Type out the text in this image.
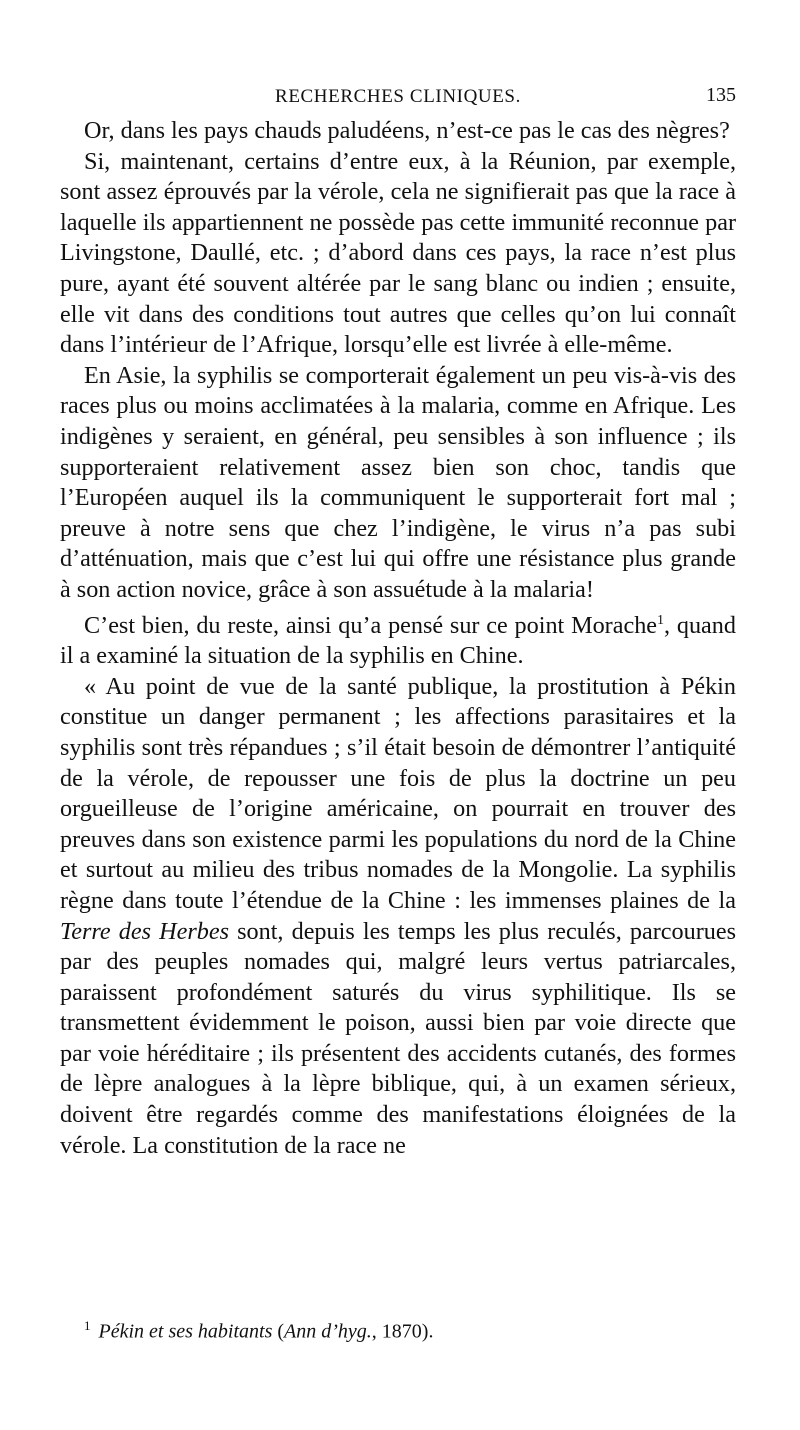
RECHERCHES CLINIQUES.	135

Or, dans les pays chauds paludéens, n’est-ce pas le cas des nègres?

Si, maintenant, certains d’entre eux, à la Réunion, par exemple, sont assez éprouvés par la vérole, cela ne signifierait pas que la race à laquelle ils appartiennent ne possède pas cette immunité reconnue par Livingstone, Daullé, etc. ; d’abord dans ces pays, la race n’est plus pure, ayant été souvent altérée par le sang blanc ou indien ; ensuite, elle vit dans des conditions tout autres que celles qu’on lui connaît dans l’intérieur de l’Afrique, lorsqu’elle est livrée à elle-même.

En Asie, la syphilis se comporterait également un peu vis-à-vis des races plus ou moins acclimatées à la malaria, comme en Afrique. Les indigènes y seraient, en général, peu sensibles à son influence ; ils supporteraient relativement assez bien son choc, tandis que l’Européen auquel ils la communiquent le supporterait fort mal ; preuve à notre sens que chez l’indigène, le virus n’a pas subi d’atténuation, mais que c’est lui qui offre une résistance plus grande à son action novice, grâce à son assuétude à la malaria!

C’est bien, du reste, ainsi qu’a pensé sur ce point Morache$^1$, quand il a examiné la situation de la syphilis en Chine.

« Au point de vue de la santé publique, la prostitution à Pékin constitue un danger permanent ; les affections parasitaires et la syphilis sont très répandues ; s’il était besoin de démontrer l’antiquité de la vérole, de repousser une fois de plus la doctrine un peu orgueilleuse de l’origine américaine, on pourrait en trouver des preuves dans son existence parmi les populations du nord de la Chine et surtout au milieu des tribus nomades de la Mongolie. La syphilis règne dans toute l’étendue de la Chine : les immenses plaines de la Terre des Herbes sont, depuis les temps les plus reculés, parcourues par des peuples nomades qui, malgré leurs vertus patriarcales, paraissent profondément saturés du virus syphilitique. Ils se transmettent évidemment le poison, aussi bien par voie directe que par voie héréditaire ; ils présentent des accidents cutanés, des formes de lèpre analogues à la lèpre biblique, qui, à un examen sérieux, doivent être regardés comme des manifestations éloignées de la vérole. La constitution de la race ne

$^1$ Pékin et ses habitants (Ann d’hyg., 1870).
